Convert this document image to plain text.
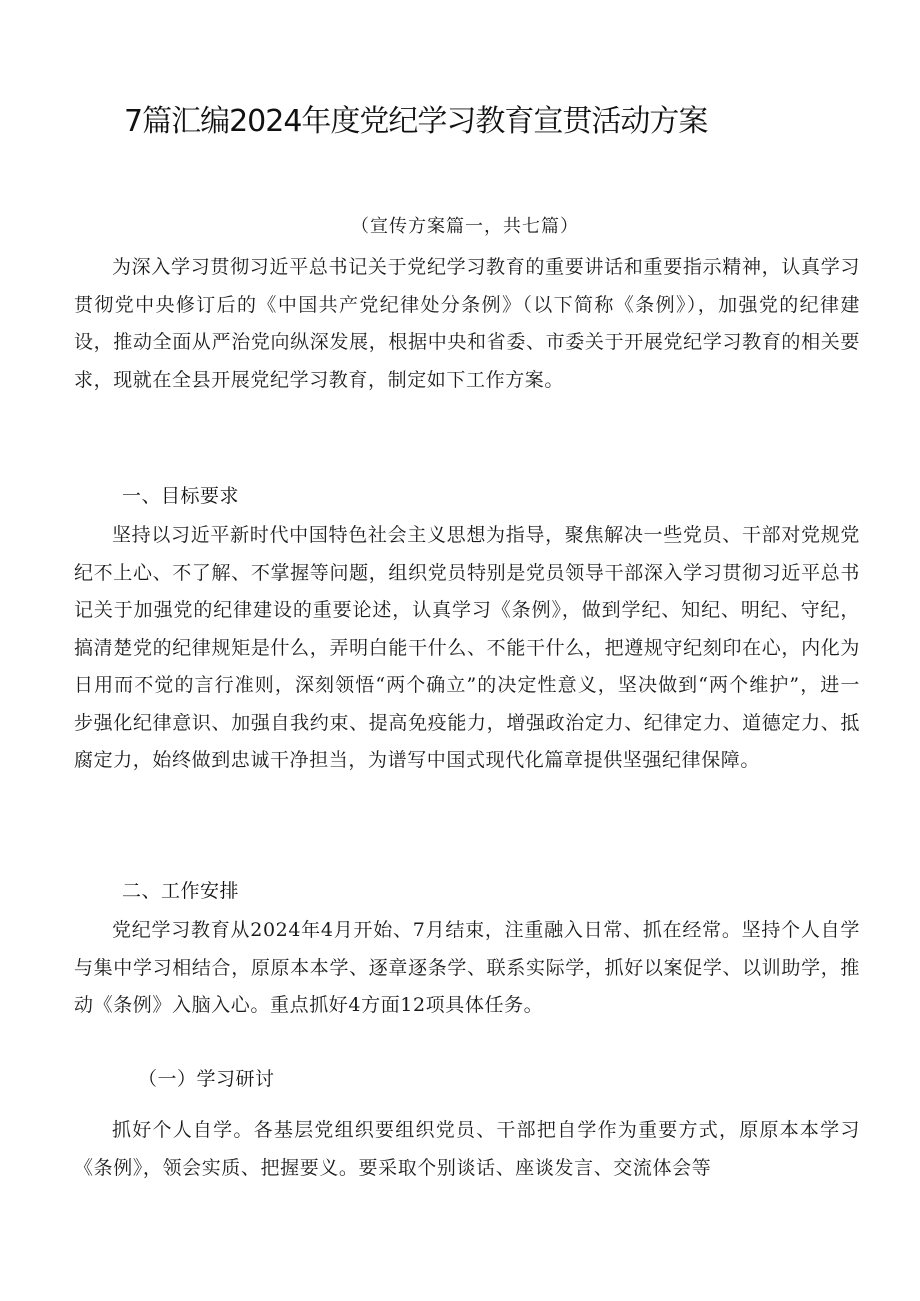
7篇汇编2024年度党纪学习教育宣贯活动方案
（宣传方案篇一，共七篇）

为深入学习贯彻习近平总书记关于党纪学习教育的重要讲话和重要指示精神，认真学习贯彻党中央修订后的《中国共产党纪律处分条例》（以下简称《条例》），加强党的纪律建设，推动全面从严治党向纵深发展，根据中央和省委、市委关于开展党纪学习教育的相关要求，现就在全县开展党纪学习教育，制定如下工作方案。

一、目标要求

坚持以习近平新时代中国特色社会主义思想为指导，聚焦解决一些党员、干部对党规党纪不上心、不了解、不掌握等问题，组织党员特别是党员领导干部深入学习贯彻习近平总书记关于加强党的纪律建设的重要论述，认真学习《条例》，做到学纪、知纪、明纪、守纪，搞清楚党的纪律规矩是什么，弄明白能干什么、不能干什么，把遵规守纪刻印在心，内化为日用而不觉的言行准则，深刻领悟“两个确立”的决定性意义，坚决做到“两个维护”，进一步强化纪律意识、加强自我约束、提高免疫能力，增强政治定力、纪律定力、道德定力、抵腐定力，始终做到忠诚干净担当，为谱写中国式现代化篇章提供坚强纪律保障。

二、工作安排

党纪学习教育从2024年4月开始、7月结束，注重融入日常、抓在经常。坚持个人自学与集中学习相结合，原原本本学、逐章逐条学、联系实际学，抓好以案促学、以训助学，推动《条例》入脑入心。重点抓好4方面12项具体任务。

（一）学习研讨

抓好个人自学。各基层党组织要组织党员、干部把自学作为重要方式，原原本本学习《条例》，领会实质、把握要义。要采取个别谈话、座谈发言、交流体会等
